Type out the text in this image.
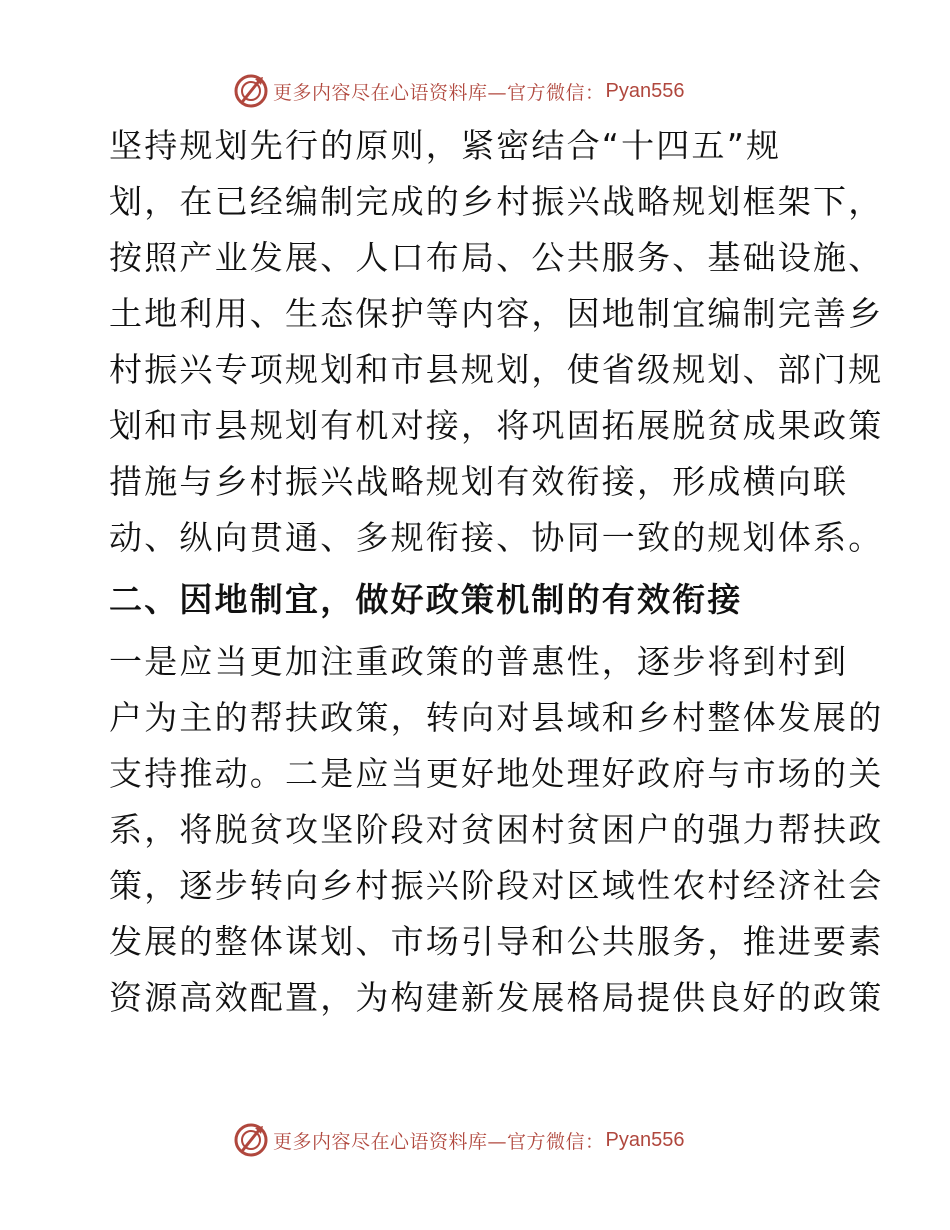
更多内容尽在心语资料库—官方微信： Pyan556

坚持规划先行的原则，紧密结合“十四五”规
划，在已经编制完成的乡村振兴战略规划框架下，
按照产业发展、人口布局、公共服务、基础设施、
土地利用、生态保护等内容，因地制宜编制完善乡
村振兴专项规划和市县规划，使省级规划、部门规
划和市县规划有机对接，将巩固拓展脱贫成果政策
措施与乡村振兴战略规划有效衔接，形成横向联
动、纵向贯通、多规衔接、协同一致的规划体系。

二、因地制宜，做好政策机制的有效衔接

一是应当更加注重政策的普惠性，逐步将到村到
户为主的帮扶政策，转向对县域和乡村整体发展的
支持推动。二是应当更好地处理好政府与市场的关
系，将脱贫攻坚阶段对贫困村贫困户的强力帮扶政
策，逐步转向乡村振兴阶段对区域性农村经济社会
发展的整体谋划、市场引导和公共服务，推进要素
资源高效配置，为构建新发展格局提供良好的政策

更多内容尽在心语资料库—官方微信： Pyan556
